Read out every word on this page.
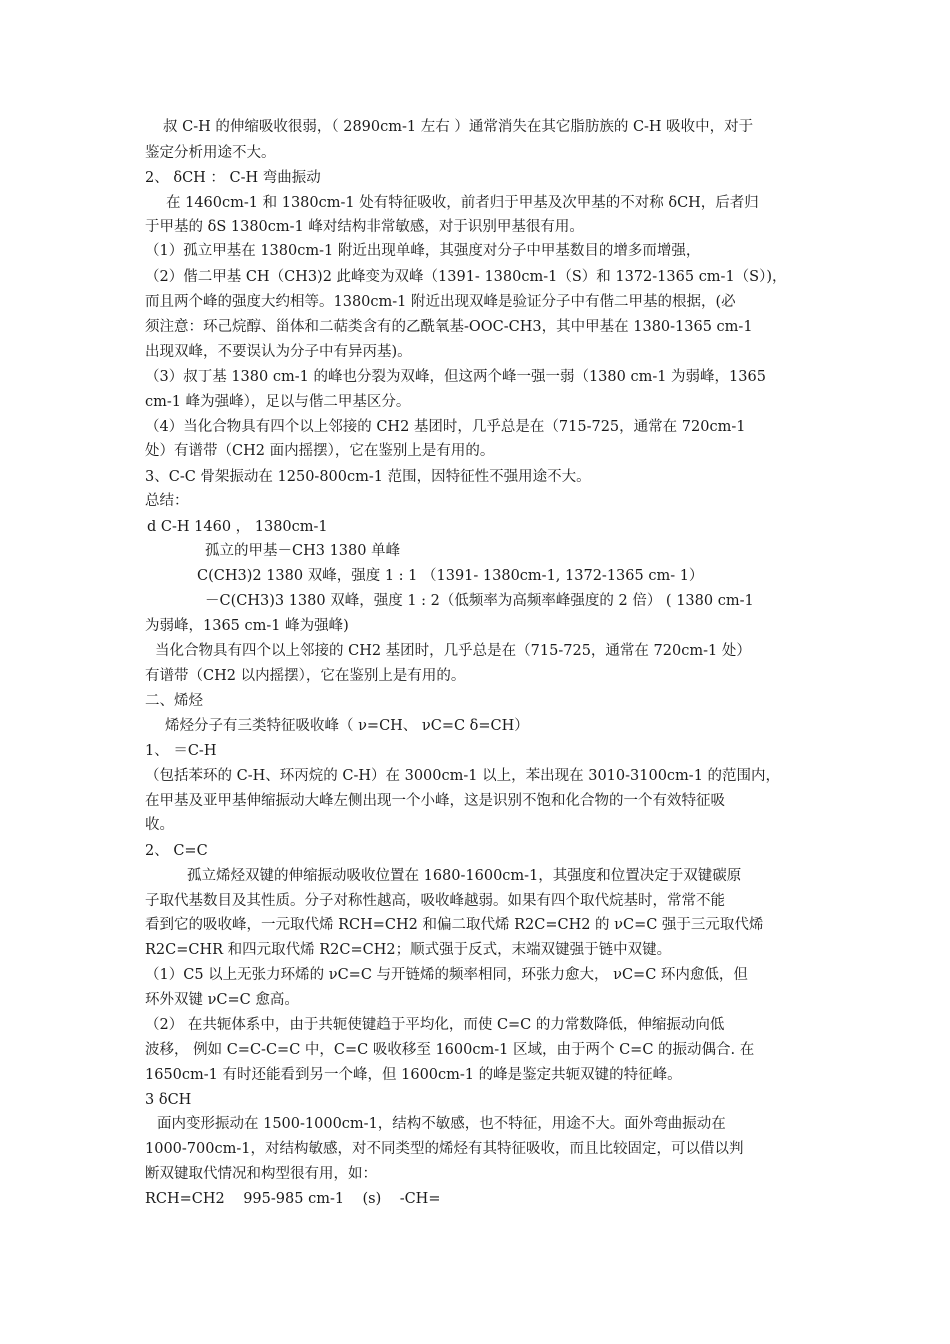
叔 C-H 的伸缩吸收很弱，（ 2890cm-1 左右 ）通常消失在其它脂肪族的 C-H 吸收中，对于
鉴定分析用途不大。
2、 δCH ： C-H 弯曲振动
在 1460cm-1 和 1380cm-1 处有特征吸收，前者归于甲基及次甲基的不对称 δCH，后者归
于甲基的 δS 1380cm-1 峰对结构非常敏感，对于识别甲基很有用。
（1）孤立甲基在 1380cm-1 附近出现单峰，其强度对分子中甲基数目的增多而增强，
（2）偕二甲基 CH（CH3)2 此峰变为双峰（1391- 1380cm-1（S）和 1372-1365 cm-1（S）)，
而且两个峰的强度大约相等。1380cm-1 附近出现双峰是验证分子中有偕二甲基的根据，(必
须注意：环己烷醇、甾体和二萜类含有的乙酰氧基-OOC-CH3，其中甲基在 1380-1365 cm-1
出现双峰，不要误认为分子中有异丙基)。
（3）叔丁基 1380 cm-1 的峰也分裂为双峰，但这两个峰一强一弱（1380 cm-1 为弱峰，1365
cm-1 峰为强峰），足以与偕二甲基区分。
（4）当化合物具有四个以上邻接的 CH2 基团时，几乎总是在（715-725，通常在 720cm-1
处）有谱带（CH2 面内摇摆），它在鉴别上是有用的。
3、C-C 骨架振动在 1250-800cm-1 范围，因特征性不强用途不大。
总结：
d C-H 1460 ， 1380cm-1
孤立的甲基－CH3 1380 单峰
C(CH3)2 1380 双峰，强度 1 : 1 （1391- 1380cm-1, 1372-1365 cm- 1）
－C(CH3)3 1380 双峰，强度 1 : 2（低频率为高频率峰强度的 2 倍） ( 1380 cm-1
为弱峰，1365 cm-1 峰为强峰)
当化合物具有四个以上邻接的 CH2 基团时，几乎总是在（715-725，通常在 720cm-1 处）
有谱带（CH2 以内摇摆），它在鉴别上是有用的。
二、烯烃
烯烃分子有三类特征吸收峰（ ν=CH、 νC=C δ=CH）
1、 ＝C-H
（包括苯环的 C-H、环丙烷的 C-H）在 3000cm-1 以上，苯出现在 3010-3100cm-1 的范围内，
在甲基及亚甲基伸缩振动大峰左侧出现一个小峰，这是识别不饱和化合物的一个有效特征吸
收。
2、 C=C
孤立烯烃双键的伸缩振动吸收位置在 1680-1600cm-1，其强度和位置决定于双键碳原
子取代基数目及其性质。分子对称性越高，吸收峰越弱。如果有四个取代烷基时，常常不能
看到它的吸收峰，一元取代烯 RCH=CH2 和偏二取代烯 R2C=CH2 的 νC=C 强于三元取代烯
R2C=CHR 和四元取代烯 R2C=CH2；顺式强于反式，末端双键强于链中双键。
（1）C5 以上无张力环烯的 νC=C 与开链烯的频率相同，环张力愈大， νC=C 环内愈低，但
环外双键 νC=C 愈高。
（2） 在共轭体系中，由于共轭使键趋于平均化，而使 C=C 的力常数降低，伸缩振动向低
波移， 例如 C=C-C=C 中，C=C 吸收移至 1600cm-1 区域，由于两个 C=C 的振动偶合. 在
1650cm-1 有时还能看到另一个峰，但 1600cm-1 的峰是鉴定共轭双键的特征峰。
3 δCH
面内变形振动在 1500-1000cm-1，结构不敏感，也不特征，用途不大。面外弯曲振动在
1000-700cm-1，对结构敏感，对不同类型的烯烃有其特征吸收，而且比较固定，可以借以判
断双键取代情况和构型很有用，如：
RCH=CH2    995-985 cm-1    (s)    -CH=
